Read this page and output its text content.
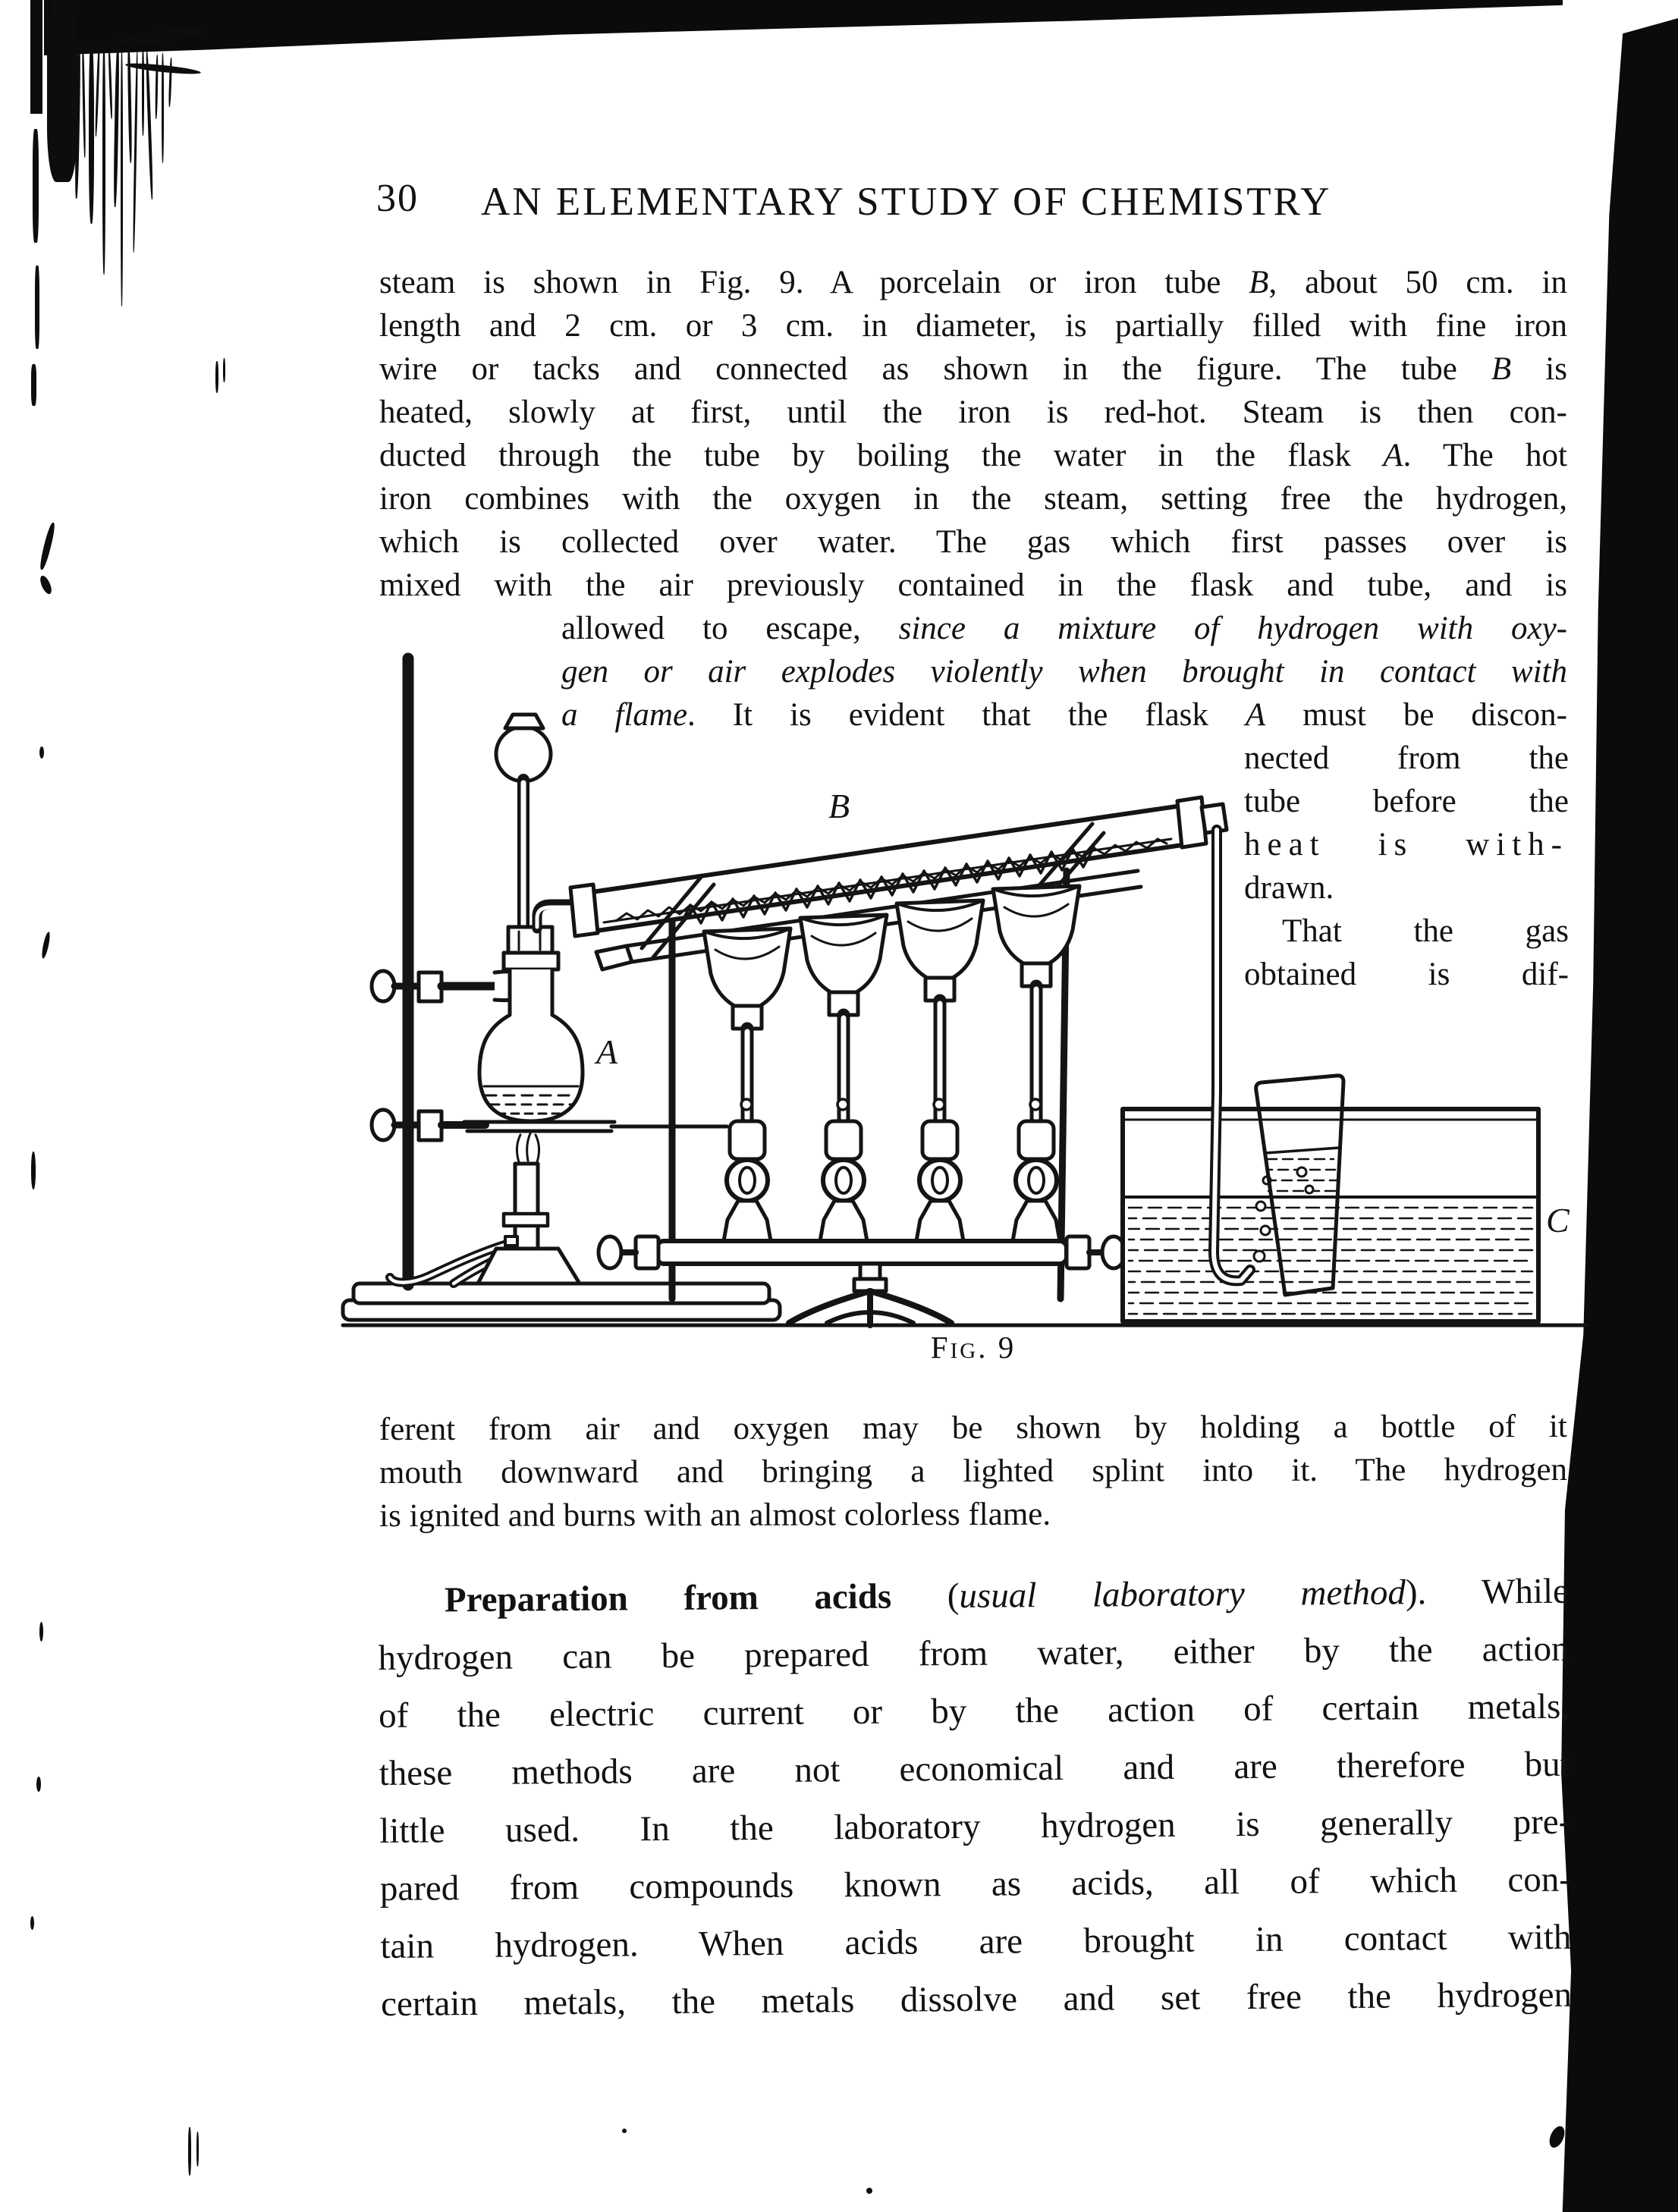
30 AN ELEMENTARY STUDY OF CHEMISTRY
steam is shown in Fig. 9. A porcelain or iron tube B, about 50 cm. in
length and 2 cm. or 3 cm. in diameter, is partially filled with fine iron
wire or tacks and connected as shown in the figure. The tube B is
heated, slowly at first, until the iron is red-hot. Steam is then con-
ducted through the tube by boiling the water in the flask A. The hot
iron combines with the oxygen in the steam, setting free the hydrogen,
which is collected over water. The gas which first passes over is
mixed with the air previously contained in the flask and tube, and is
allowed to escape, since a mixture of hydrogen with oxy-
gen or air explodes violently when brought in contact with
a flame. It is evident that the flask A must be discon-
nected from the
tube before the
heat is with-
drawn.
That the gas
obtained is dif-
ferent from air and oxygen may be shown by holding a bottle of it
mouth downward and bringing a lighted splint into it. The hydrogen
is ignited and burns with an almost colorless flame.
Preparation from acids (usual laboratory method). While
hydrogen can be prepared from water, either by the action
of the electric current or by the action of certain metals,
these methods are not economical and are therefore but
little used. In the laboratory hydrogen is generally pre-
pared from compounds known as acids, all of which con-
tain hydrogen. When acids are brought in contact with
certain metals, the metals dissolve and set free the hydrogen
Fig. 9
A
B
C
